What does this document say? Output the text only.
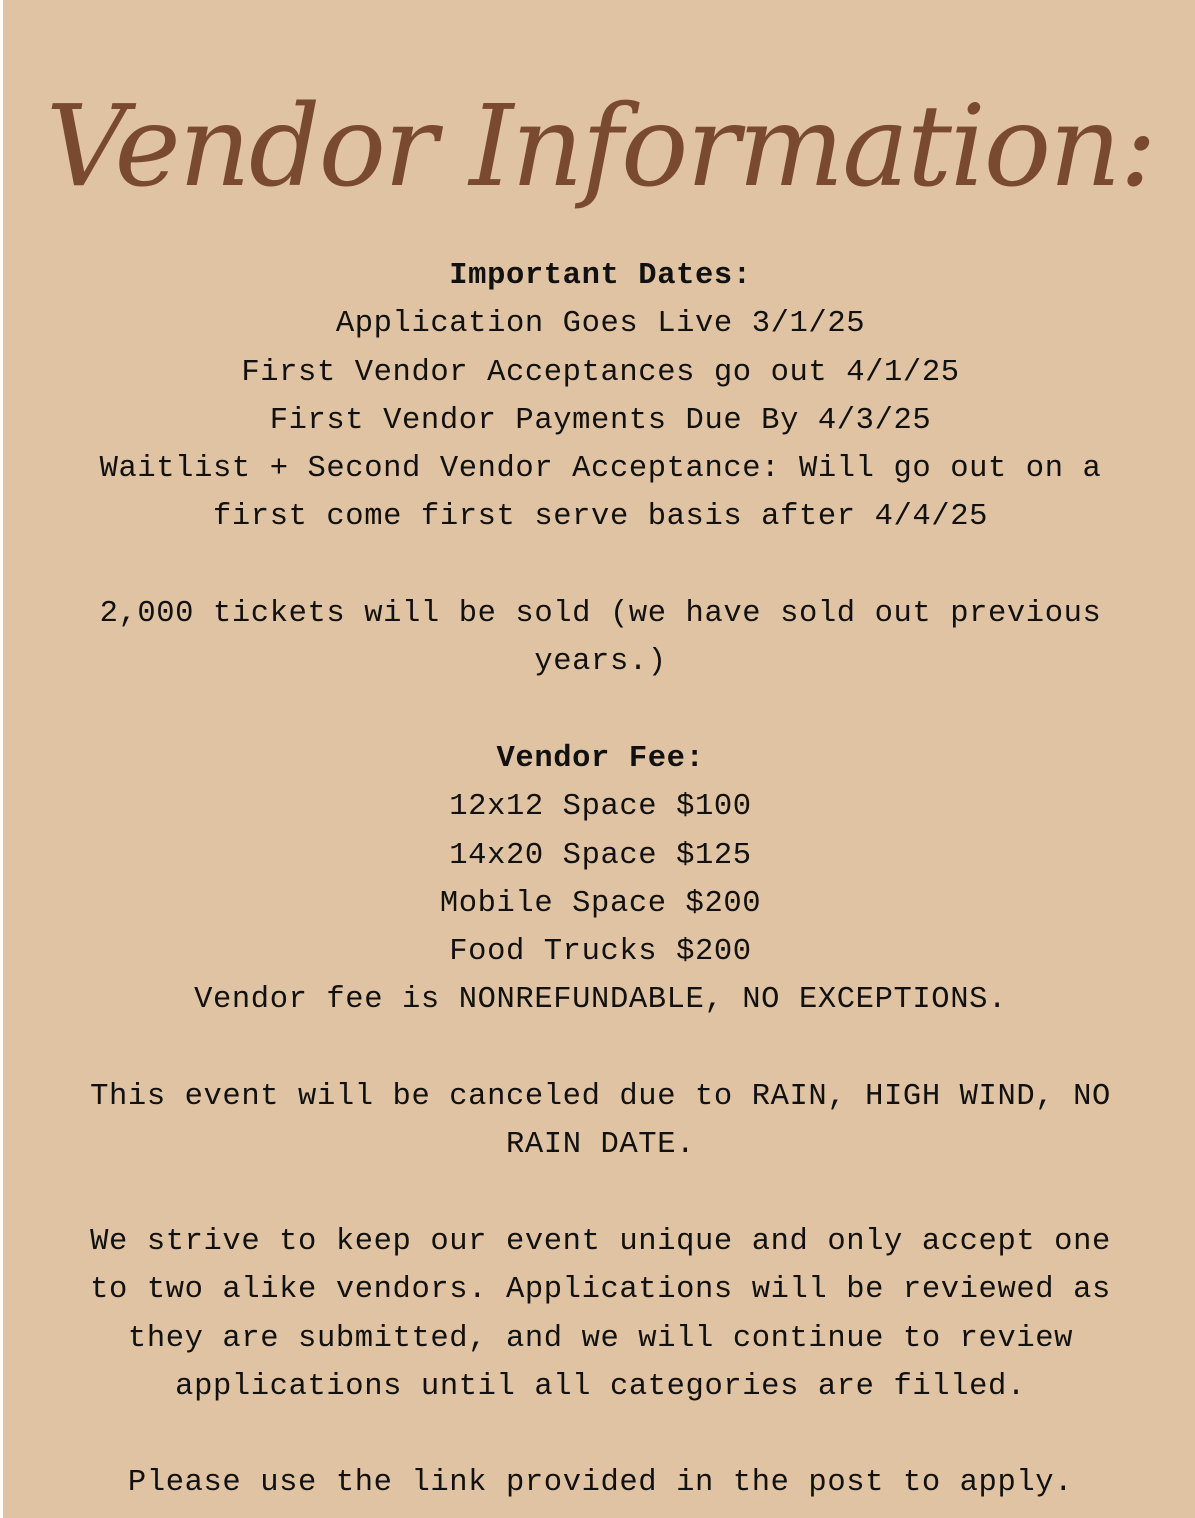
Vendor Information:
Important Dates:
Application Goes Live 3/1/25
First Vendor Acceptances go out 4/1/25
First Vendor Payments Due By 4/3/25
Waitlist + Second Vendor Acceptance: Will go out on a
first come first serve basis after 4/4/25
2,000 tickets will be sold (we have sold out previous
years.)
Vendor Fee:
12x12 Space $100
14x20 Space $125
Mobile Space $200
Food Trucks $200
Vendor fee is NONREFUNDABLE, NO EXCEPTIONS.
This event will be canceled due to RAIN, HIGH WIND, NO
RAIN DATE.
We strive to keep our event unique and only accept one
to two alike vendors. Applications will be reviewed as
they are submitted, and we will continue to review
applications until all categories are filled.
Please use the link provided in the post to apply.
